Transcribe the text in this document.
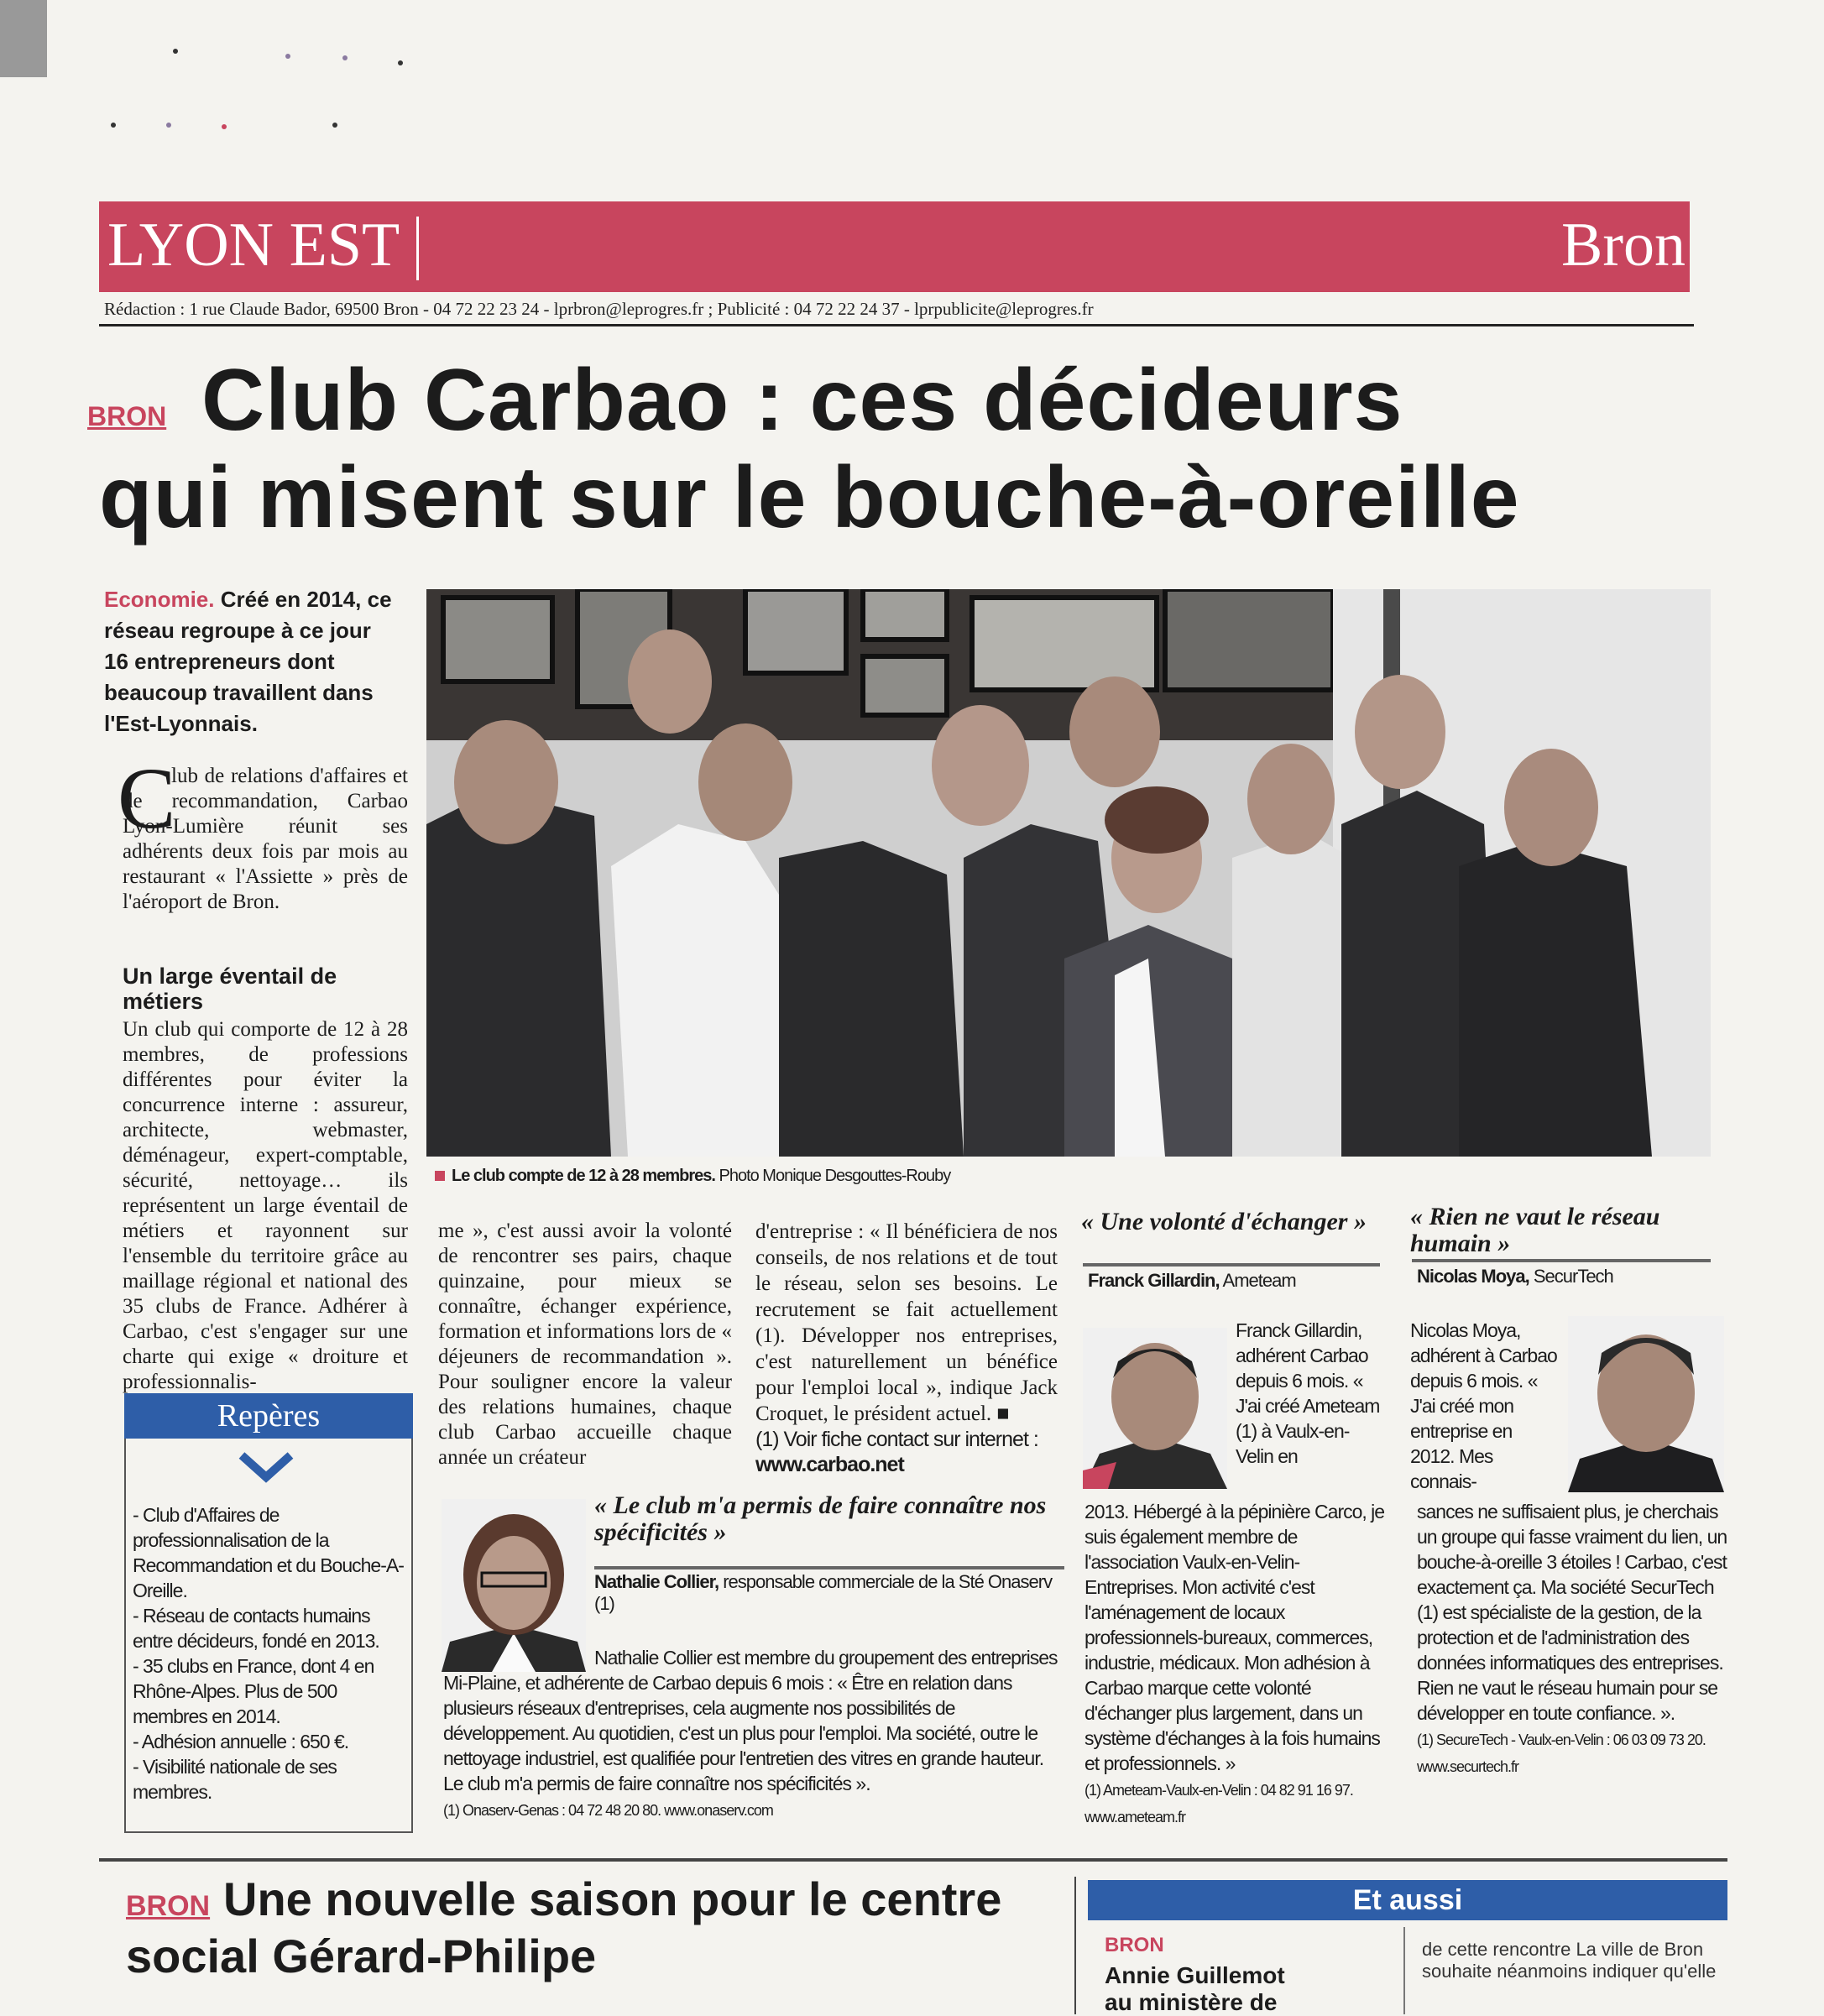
LYON EST	Bron
Rédaction : 1 rue Claude Bador, 69500 Bron - 04 72 22 23 24 - lprbron@leprogres.fr ; Publicité : 04 72 22 24 37 - lprpublicite@leprogres.fr
BRON Club Carbao : ces décideurs
qui misent sur le bouche-à-oreille
Economie. Créé en 2014, ce réseau regroupe à ce jour 16 entrepreneurs dont beaucoup travaillent dans l'Est-Lyonnais.
C
lub de relations d'affaires et de recommandation, Carbao Lyon-Lumière réunit ses adhérents deux fois par mois au restaurant « l'Assiette » près de l'aéroport de Bron.
Un large éventail de métiers
Un club qui comporte de 12 à 28 membres, de professions différentes pour éviter la concurrence interne : assureur, architecte, webmaster, déménageur, expert-comptable, sécurité, nettoyage… ils représentent un large éventail de métiers et rayonnent sur l'ensemble du territoire grâce au maillage régional et national des 35 clubs de France. Adhérer à Carbao, c'est s'engager sur une charte qui exige « droiture et professionnalis-
me », c'est aussi avoir la volonté de rencontrer ses pairs, chaque quinzaine, pour mieux se connaître, échanger expérience, formation et informations lors de « déjeuners de recommandation ». Pour souligner encore la valeur des relations humaines, chaque club Carbao accueille chaque année un créateur
d'entreprise : « Il bénéficiera de nos conseils, de nos relations et de tout le réseau, selon ses besoins. Le recrutement se fait actuellement (1). Développer nos entreprises, c'est naturellement un bénéfice pour l'emploi local », indique Jack Croquet, le président actuel. ■
(1) Voir fiche contact sur internet :
www.carbao.net
Le club compte de 12 à 28 membres. Photo Monique Desgouttes-Rouby
Repères
- Club d'Affaires de professionnalisation de la Recommandation et du Bouche-A-Oreille.
- Réseau de contacts humains entre décideurs, fondé en 2013.
- 35 clubs en France, dont 4 en Rhône-Alpes. Plus de 500 membres en 2014.
- Adhésion annuelle : 650 €.
- Visibilité nationale de ses membres.
« Une volonté d'échanger »
Franck Gillardin, Ameteam
Franck Gillardin, adhérent Carbao depuis 6 mois. « J'ai créé Ameteam (1) à Vaulx-en-Velin en
2013. Hébergé à la pépinière Carco, je suis également membre de l'association Vaulx-en-Velin-Entreprises. Mon activité c'est l'aménagement de locaux professionnels-bureaux, commerces, industrie, médicaux. Mon adhésion à Carbao marque cette volonté d'échanger plus largement, dans un système d'échanges à la fois humains et professionnels. »
(1) Ameteam-Vaulx-en-Velin : 04 82 91 16 97. www.ameteam.fr
« Rien ne vaut le réseau humain »
Nicolas Moya, SecurTech
Nicolas Moya, adhérent à Carbao depuis 6 mois. « J'ai créé mon entreprise en 2012. Mes connais-
sances ne suffisaient plus, je cherchais un groupe qui fasse vraiment du lien, un bouche-à-oreille 3 étoiles ! Carbao, c'est exactement ça. Ma société SecurTech (1) est spécialiste de la gestion, de la protection et de l'administration des données informatiques des entreprises. Rien ne vaut le réseau humain pour se développer en toute confiance. ».
(1) SecureTech - Vaulx-en-Velin : 06 03 09 73 20. www.securtech.fr
« Le club m'a permis de faire connaître nos spécificités »
Nathalie Collier, responsable commerciale de la Sté Onaserv (1)
Nathalie Collier est membre du groupement des entreprises Mi-Plaine, et adhérente de Carbao depuis 6 mois : « Être en relation dans plusieurs réseaux d'entreprises, cela augmente nos possibilités de développement. Au quotidien, c'est un plus pour l'emploi. Ma société, outre le nettoyage industriel, est qualifiée pour l'entretien des vitres en grande hauteur. Le club m'a permis de faire connaître nos spécificités ».
(1) Onaserv-Genas : 04 72 48 20 80. www.onaserv.com
BRON Une nouvelle saison pour le centre
social Gérard-Philipe
Et aussi
BRON
Annie Guillemot
au ministère de
de cette rencontre La ville de Bron souhaite néanmoins indiquer qu'elle
